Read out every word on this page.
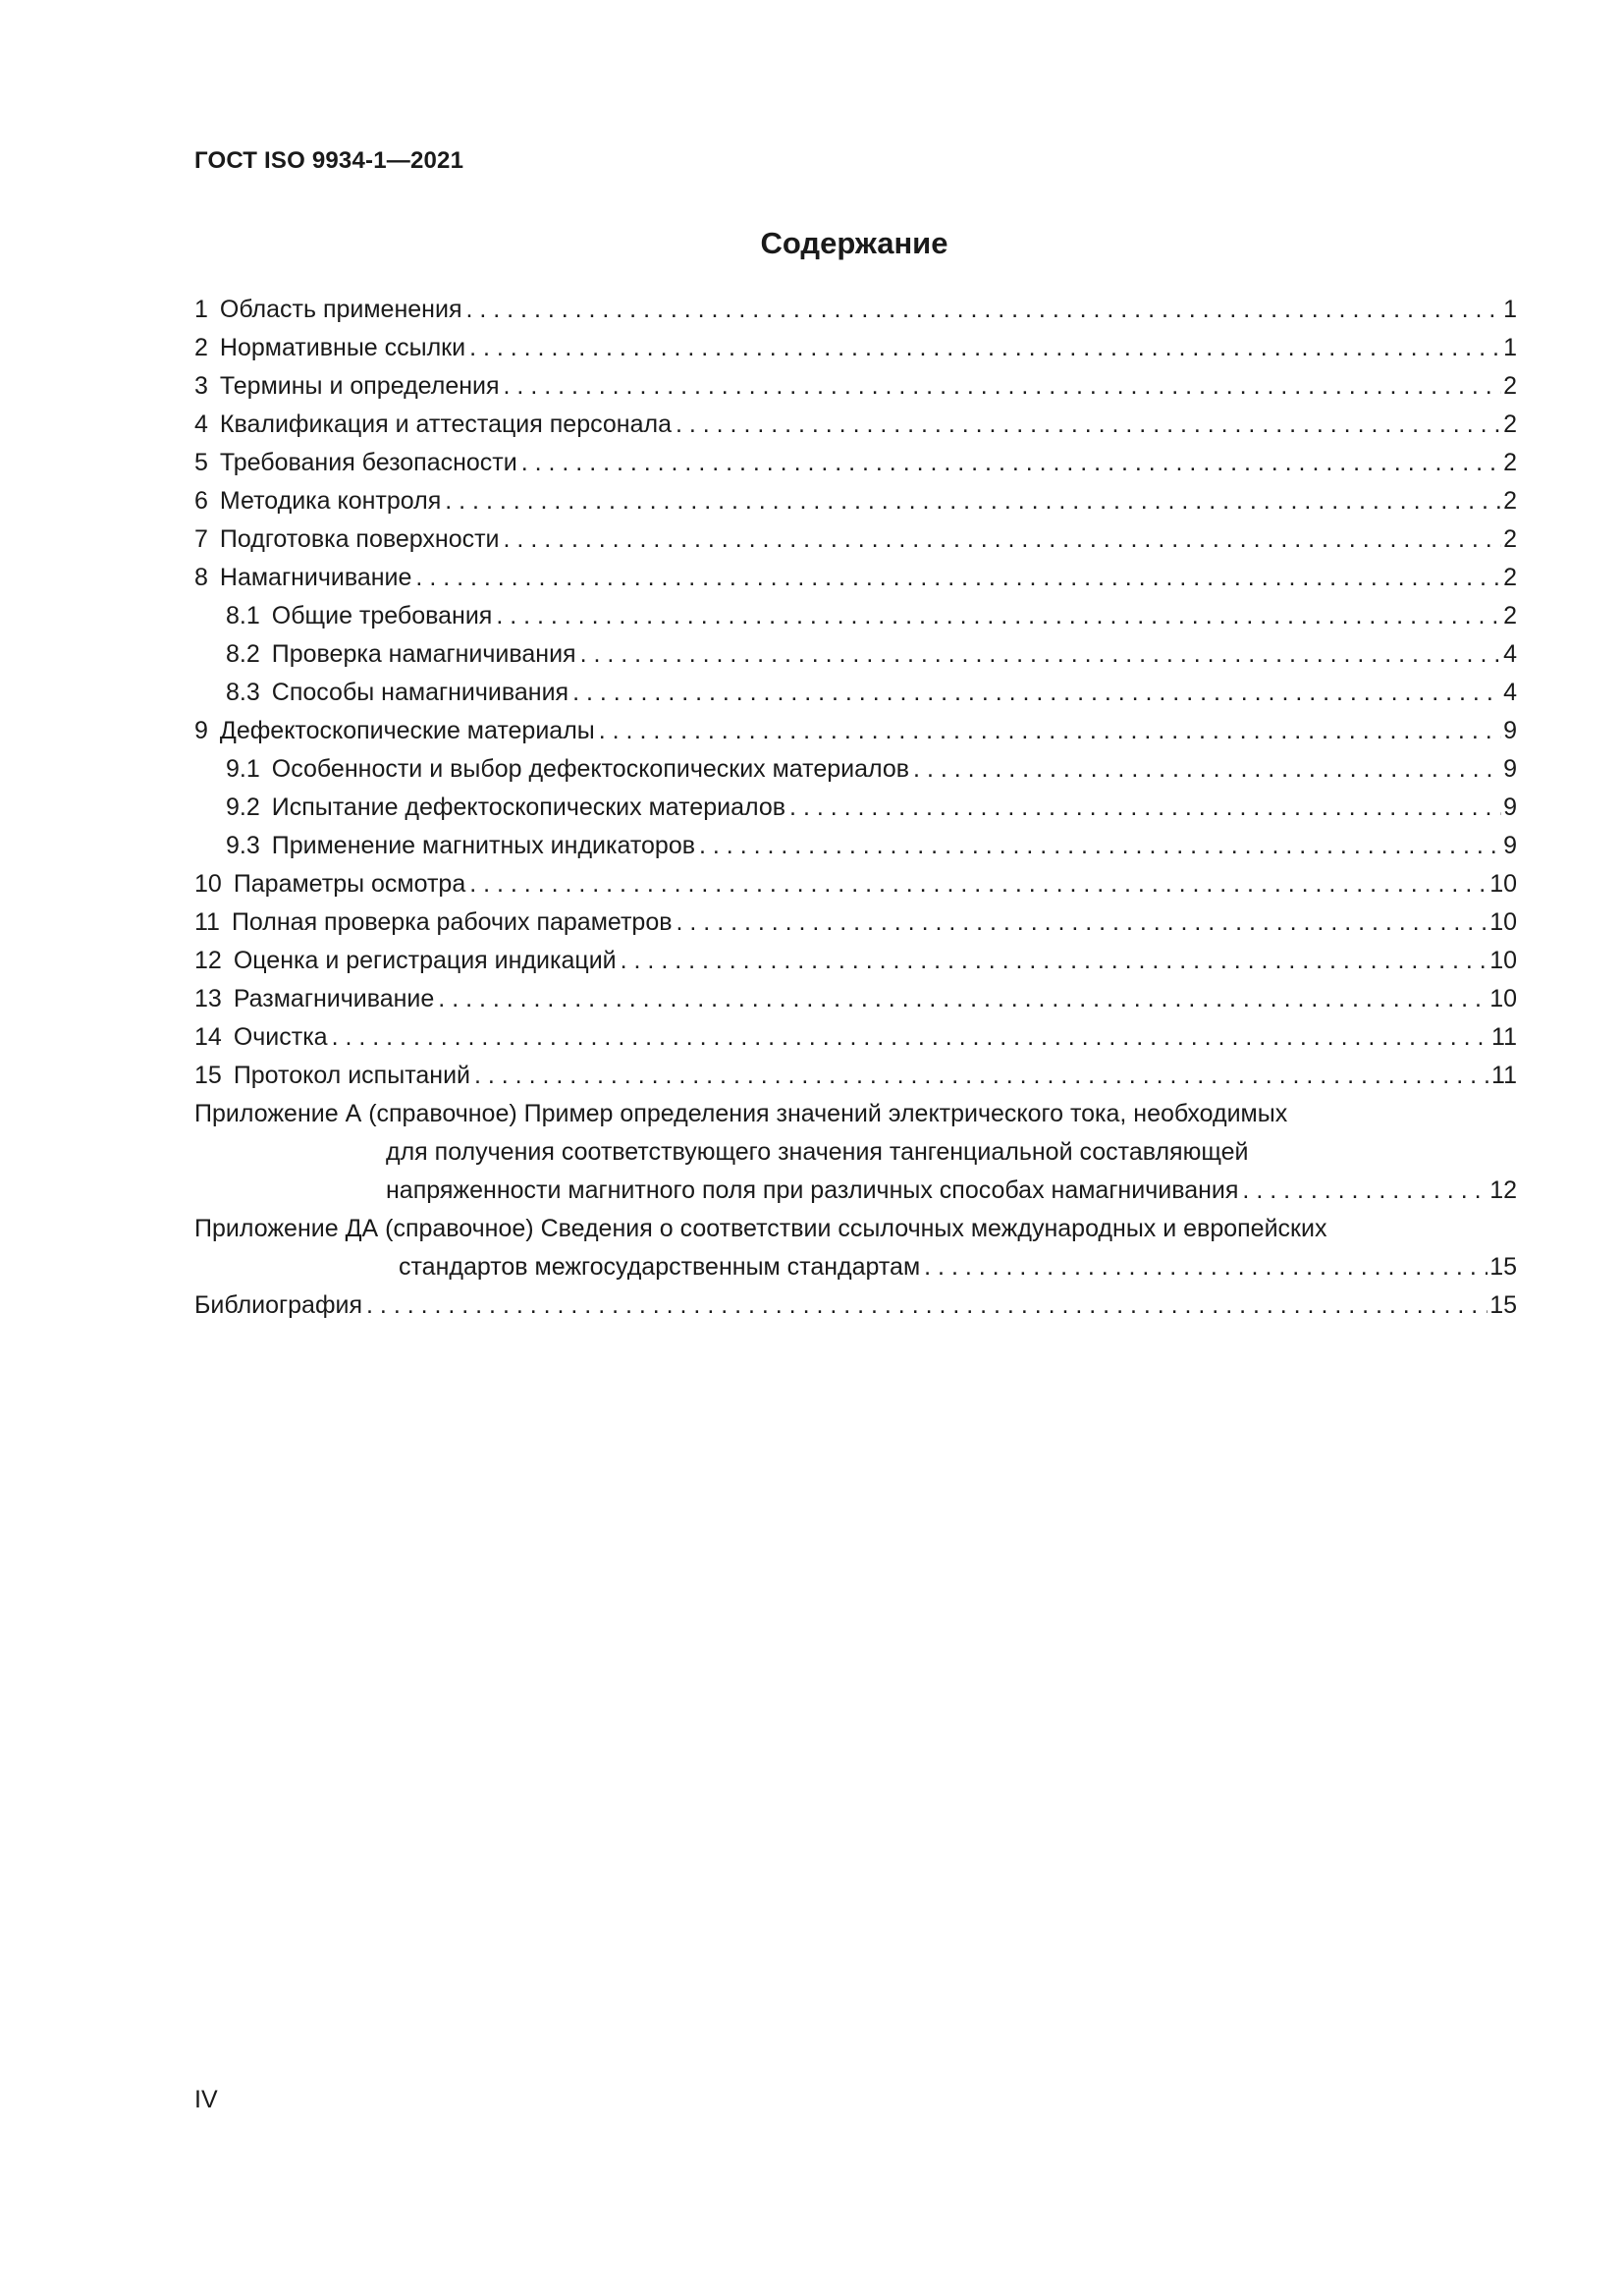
ГОСТ ISO 9934-1—2021
Содержание
1 Область применения . . .	1
2 Нормативные ссылки . . .	1
3 Термины и определения . . .	2
4 Квалификация и аттестация персонала . . .	2
5 Требования безопасности . . .	2
6 Методика контроля . . .	2
7 Подготовка поверхности . . .	2
8 Намагничивание . . .	2
8.1 Общие требования . . .	2
8.2 Проверка намагничивания . . .	4
8.3 Способы намагничивания . . .	4
9 Дефектоскопические материалы . . .	9
9.1 Особенности и выбор дефектоскопических материалов . . .	9
9.2 Испытание дефектоскопических материалов . . .	9
9.3 Применение магнитных индикаторов . . .	9
10 Параметры осмотра . . .	10
11 Полная проверка рабочих параметров . . .	10
12 Оценка и регистрация индикаций . . .	10
13 Размагничивание . . .	10
14 Очистка . . .	11
15 Протокол испытаний . . .	11
Приложение А (справочное) Пример определения значений электрического тока, необходимых
для получения соответствующего значения тангенциальной составляющей
напряженности магнитного поля при различных способах намагничивания . . .	12
Приложение ДА (справочное) Сведения о соответствии ссылочных международных и европейских
стандартов межгосударственным стандартам . . .	15
Библиография . . .	15
IV
